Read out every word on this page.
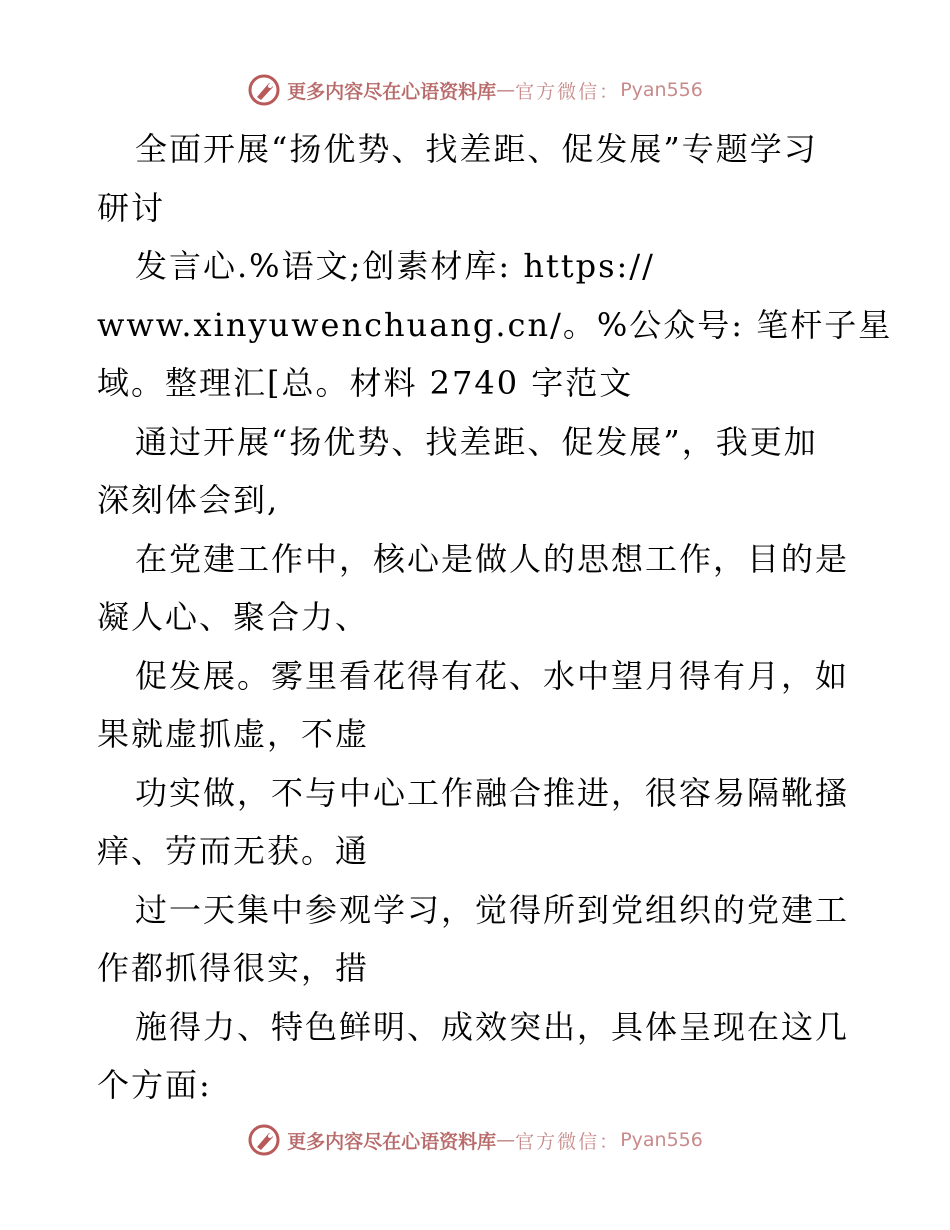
更多内容尽在心语资料库 — 官方微信： Pyan556
全面开展“扬优势、找差距、促发展”专题学习
研讨
发言心.%语文;创素材库: https://
www.xinyuwenchuang.cn/。%公众号: 笔杆子星
域。整理汇[总。材料 2740 字范文
通过开展“扬优势、找差距、促发展”，我更加
深刻体会到,
在党建工作中，核心是做人的思想工作，目的是
凝人心、聚合力、
促发展。雾里看花得有花、水中望月得有月，如
果就虚抓虚，不虚
功实做，不与中心工作融合推进，很容易隔靴搔
痒、劳而无获。通
过一天集中参观学习，觉得所到党组织的党建工
作都抓得很实，措
施得力、特色鲜明、成效突出，具体呈现在这几
个方面:
更多内容尽在心语资料库 — 官方微信： Pyan556
